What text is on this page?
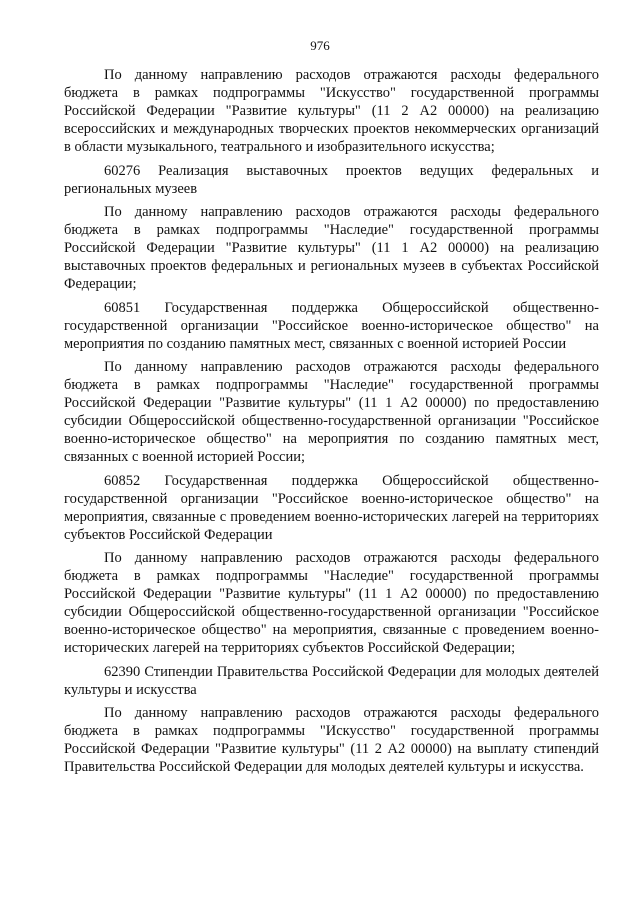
976

По данному направлению расходов отражаются расходы федерального бюджета в рамках подпрограммы "Искусство" государственной программы Российской Федерации "Развитие культуры" (11 2 А2 00000) на реализацию всероссийских и международных творческих проектов некоммерческих организаций в области музыкального, театрального и изобразительного искусства;

60276 Реализация выставочных проектов ведущих федеральных и региональных музеев

По данному направлению расходов отражаются расходы федерального бюджета в рамках подпрограммы "Наследие" государственной программы Российской Федерации "Развитие культуры" (11 1 А2 00000) на реализацию выставочных проектов федеральных и региональных музеев в субъектах Российской Федерации;

60851 Государственная поддержка Общероссийской общественно-государственной организации "Российское военно-историческое общество" на мероприятия по созданию памятных мест, связанных с военной историей России

По данному направлению расходов отражаются расходы федерального бюджета в рамках подпрограммы "Наследие" государственной программы Российской Федерации "Развитие культуры" (11 1 А2 00000) по предоставлению субсидии Общероссийской общественно-государственной организации "Российское военно-историческое общество" на мероприятия по созданию памятных мест, связанных с военной историей России;

60852 Государственная поддержка Общероссийской общественно-государственной организации "Российское военно-историческое общество" на мероприятия, связанные с проведением военно-исторических лагерей на территориях субъектов Российской Федерации

По данному направлению расходов отражаются расходы федерального бюджета в рамках подпрограммы "Наследие" государственной программы Российской Федерации "Развитие культуры" (11 1 А2 00000) по предоставлению субсидии Общероссийской общественно-государственной организации "Российское военно-историческое общество" на мероприятия, связанные с проведением военно-исторических лагерей на территориях субъектов Российской Федерации;

62390 Стипендии Правительства Российской Федерации для молодых деятелей культуры и искусства

По данному направлению расходов отражаются расходы федерального бюджета в рамках подпрограммы "Искусство" государственной программы Российской Федерации "Развитие культуры" (11 2 А2 00000) на выплату стипендий Правительства Российской Федерации для молодых деятелей культуры и искусства.
